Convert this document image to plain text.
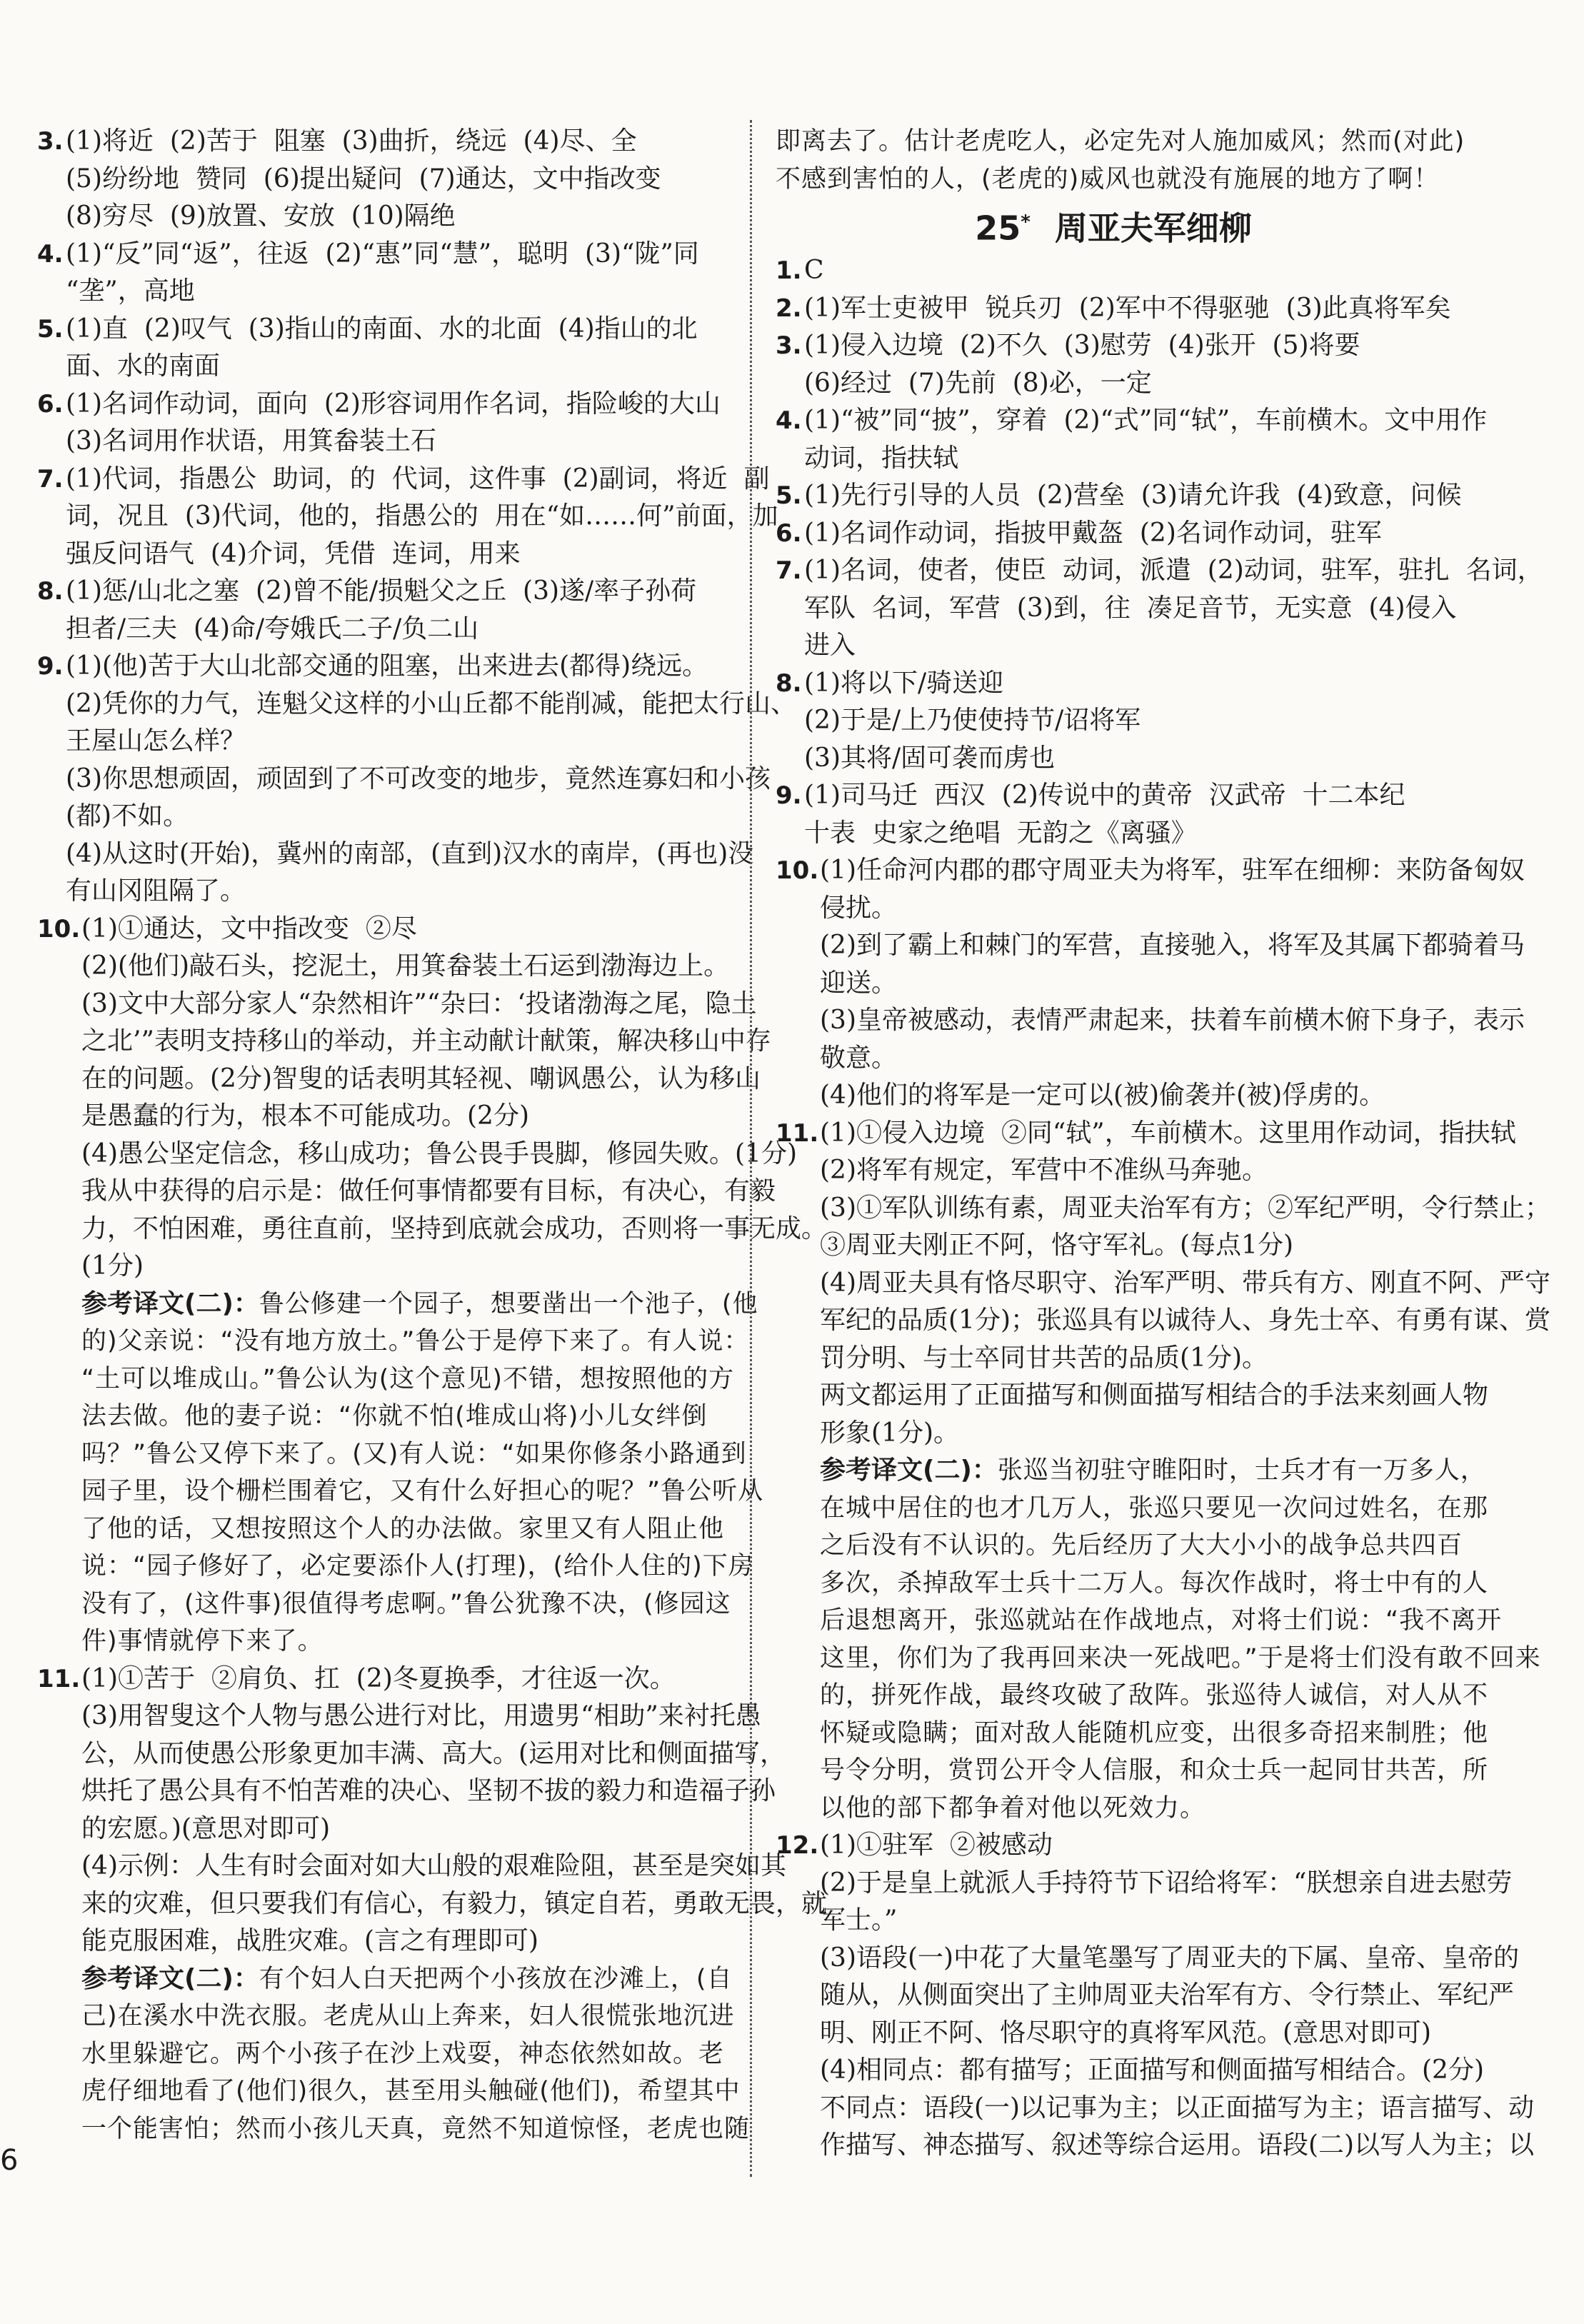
3. (1)将近  (2)苦于  阻塞  (3)曲折，绕远  (4)尽、全
(5)纷纷地  赞同  (6)提出疑问  (7)通达，文中指改变
(8)穷尽  (9)放置、安放  (10)隔绝
4. (1)“反”同“返”，往返  (2)“惠”同“慧”，聪明  (3)“陇”同
“垄”，高地
5. (1)直  (2)叹气  (3)指山的南面、水的北面  (4)指山的北
面、水的南面
6. (1)名词作动词，面向  (2)形容词用作名词，指险峻的大山
(3)名词用作状语，用箕畚装土石
7. (1)代词，指愚公  助词，的  代词，这件事  (2)副词，将近  副
词，况且  (3)代词，他的，指愚公的  用在“如……何”前面，加
强反问语气  (4)介词，凭借  连词，用来
8. (1)惩/山北之塞  (2)曾不能/损魁父之丘  (3)遂/率子孙荷
担者/三夫  (4)命/夸娥氏二子/负二山
9. (1)(他)苦于大山北部交通的阻塞，出来进去(都得)绕远。
(2)凭你的力气，连魁父这样的小山丘都不能削减，能把太行山、
王屋山怎么样？
(3)你思想顽固，顽固到了不可改变的地步，竟然连寡妇和小孩
(都)不如。
(4)从这时(开始)，冀州的南部，(直到)汉水的南岸，(再也)没
有山冈阻隔了。
10. (1)①通达，文中指改变  ②尽
(2)(他们)敲石头，挖泥土，用箕畚装土石运到渤海边上。
(3)文中大部分家人“杂然相许”“杂曰：‘投诸渤海之尾，隐土
之北’”表明支持移山的举动，并主动献计献策，解决移山中存
在的问题。(2分)智叟的话表明其轻视、嘲讽愚公，认为移山
是愚蠢的行为，根本不可能成功。(2分)
(4)愚公坚定信念，移山成功；鲁公畏手畏脚，修园失败。(1分)
我从中获得的启示是：做任何事情都要有目标，有决心，有毅
力，不怕困难，勇往直前，坚持到底就会成功，否则将一事无成。
(1分)
参考译文(二)：鲁公修建一个园子，想要凿出一个池子，(他
的)父亲说：“没有地方放土。”鲁公于是停下来了。有人说：
“土可以堆成山。”鲁公认为(这个意见)不错，想按照他的方
法去做。他的妻子说：“你就不怕(堆成山将)小儿女绊倒
吗？”鲁公又停下来了。(又)有人说：“如果你修条小路通到
园子里，设个栅栏围着它，又有什么好担心的呢？”鲁公听从
了他的话，又想按照这个人的办法做。家里又有人阻止他
说：“园子修好了，必定要添仆人(打理)，(给仆人住的)下房
没有了，(这件事)很值得考虑啊。”鲁公犹豫不决，(修园这
件)事情就停下来了。
11. (1)①苦于  ②肩负、扛  (2)冬夏换季，才往返一次。
(3)用智叟这个人物与愚公进行对比，用遗男“相助”来衬托愚
公，从而使愚公形象更加丰满、高大。(运用对比和侧面描写，
烘托了愚公具有不怕苦难的决心、坚韧不拔的毅力和造福子孙
的宏愿。)(意思对即可)
(4)示例：人生有时会面对如大山般的艰难险阻，甚至是突如其
来的灾难，但只要我们有信心，有毅力，镇定自若，勇敢无畏，就
能克服困难，战胜灾难。(言之有理即可)
参考译文(二)：有个妇人白天把两个小孩放在沙滩上，(自
己)在溪水中洗衣服。老虎从山上奔来，妇人很慌张地沉进
水里躲避它。两个小孩子在沙上戏耍，神态依然如故。老
虎仔细地看了(他们)很久，甚至用头触碰(他们)，希望其中
一个能害怕；然而小孩儿天真，竟然不知道惊怪，老虎也随
即离去了。估计老虎吃人，必定先对人施加威风；然而(对此)
不感到害怕的人，(老虎的)威风也就没有施展的地方了啊！
25* 周亚夫军细柳
1. C
2. (1)军士吏被甲  锐兵刃  (2)军中不得驱驰  (3)此真将军矣
3. (1)侵入边境  (2)不久  (3)慰劳  (4)张开  (5)将要
(6)经过  (7)先前  (8)必，一定
4. (1)“被”同“披”，穿着  (2)“式”同“轼”，车前横木。文中用作
动词，指扶轼
5. (1)先行引导的人员  (2)营垒  (3)请允许我  (4)致意，问候
6. (1)名词作动词，指披甲戴盔  (2)名词作动词，驻军
7. (1)名词，使者，使臣  动词，派遣  (2)动词，驻军，驻扎  名词，
军队  名词，军营  (3)到，往  凑足音节，无实意  (4)侵入
进入
8. (1)将以下/骑送迎
(2)于是/上乃使使持节/诏将军
(3)其将/固可袭而虏也
9. (1)司马迁  西汉  (2)传说中的黄帝  汉武帝  十二本纪
十表  史家之绝唱  无韵之《离骚》
10. (1)任命河内郡的郡守周亚夫为将军，驻军在细柳：来防备匈奴
侵扰。
(2)到了霸上和棘门的军营，直接驰入，将军及其属下都骑着马
迎送。
(3)皇帝被感动，表情严肃起来，扶着车前横木俯下身子，表示
敬意。
(4)他们的将军是一定可以(被)偷袭并(被)俘虏的。
11. (1)①侵入边境  ②同“轼”，车前横木。这里用作动词，指扶轼
(2)将军有规定，军营中不准纵马奔驰。
(3)①军队训练有素，周亚夫治军有方；②军纪严明，令行禁止；
③周亚夫刚正不阿，恪守军礼。(每点1分)
(4)周亚夫具有恪尽职守、治军严明、带兵有方、刚直不阿、严守
军纪的品质(1分)；张巡具有以诚待人、身先士卒、有勇有谋、赏
罚分明、与士卒同甘共苦的品质(1分)。
两文都运用了正面描写和侧面描写相结合的手法来刻画人物
形象(1分)。
参考译文(二)：张巡当初驻守睢阳时，士兵才有一万多人，
在城中居住的也才几万人，张巡只要见一次问过姓名，在那
之后没有不认识的。先后经历了大大小小的战争总共四百
多次，杀掉敌军士兵十二万人。每次作战时，将士中有的人
后退想离开，张巡就站在作战地点，对将士们说：“我不离开
这里，你们为了我再回来决一死战吧。”于是将士们没有敢不回来
的，拼死作战，最终攻破了敌阵。张巡待人诚信，对人从不
怀疑或隐瞒；面对敌人能随机应变，出很多奇招来制胜；他
号令分明，赏罚公开令人信服，和众士兵一起同甘共苦，所
以他的部下都争着对他以死效力。
12. (1)①驻军  ②被感动
(2)于是皇上就派人手持符节下诏给将军：“朕想亲自进去慰劳
军士。”
(3)语段(一)中花了大量笔墨写了周亚夫的下属、皇帝、皇帝的
随从，从侧面突出了主帅周亚夫治军有方、令行禁止、军纪严
明、刚正不阿、恪尽职守的真将军风范。(意思对即可)
(4)相同点：都有描写；正面描写和侧面描写相结合。(2分)
不同点：语段(一)以记事为主；以正面描写为主；语言描写、动
作描写、神态描写、叙述等综合运用。语段(二)以写人为主；以
6
